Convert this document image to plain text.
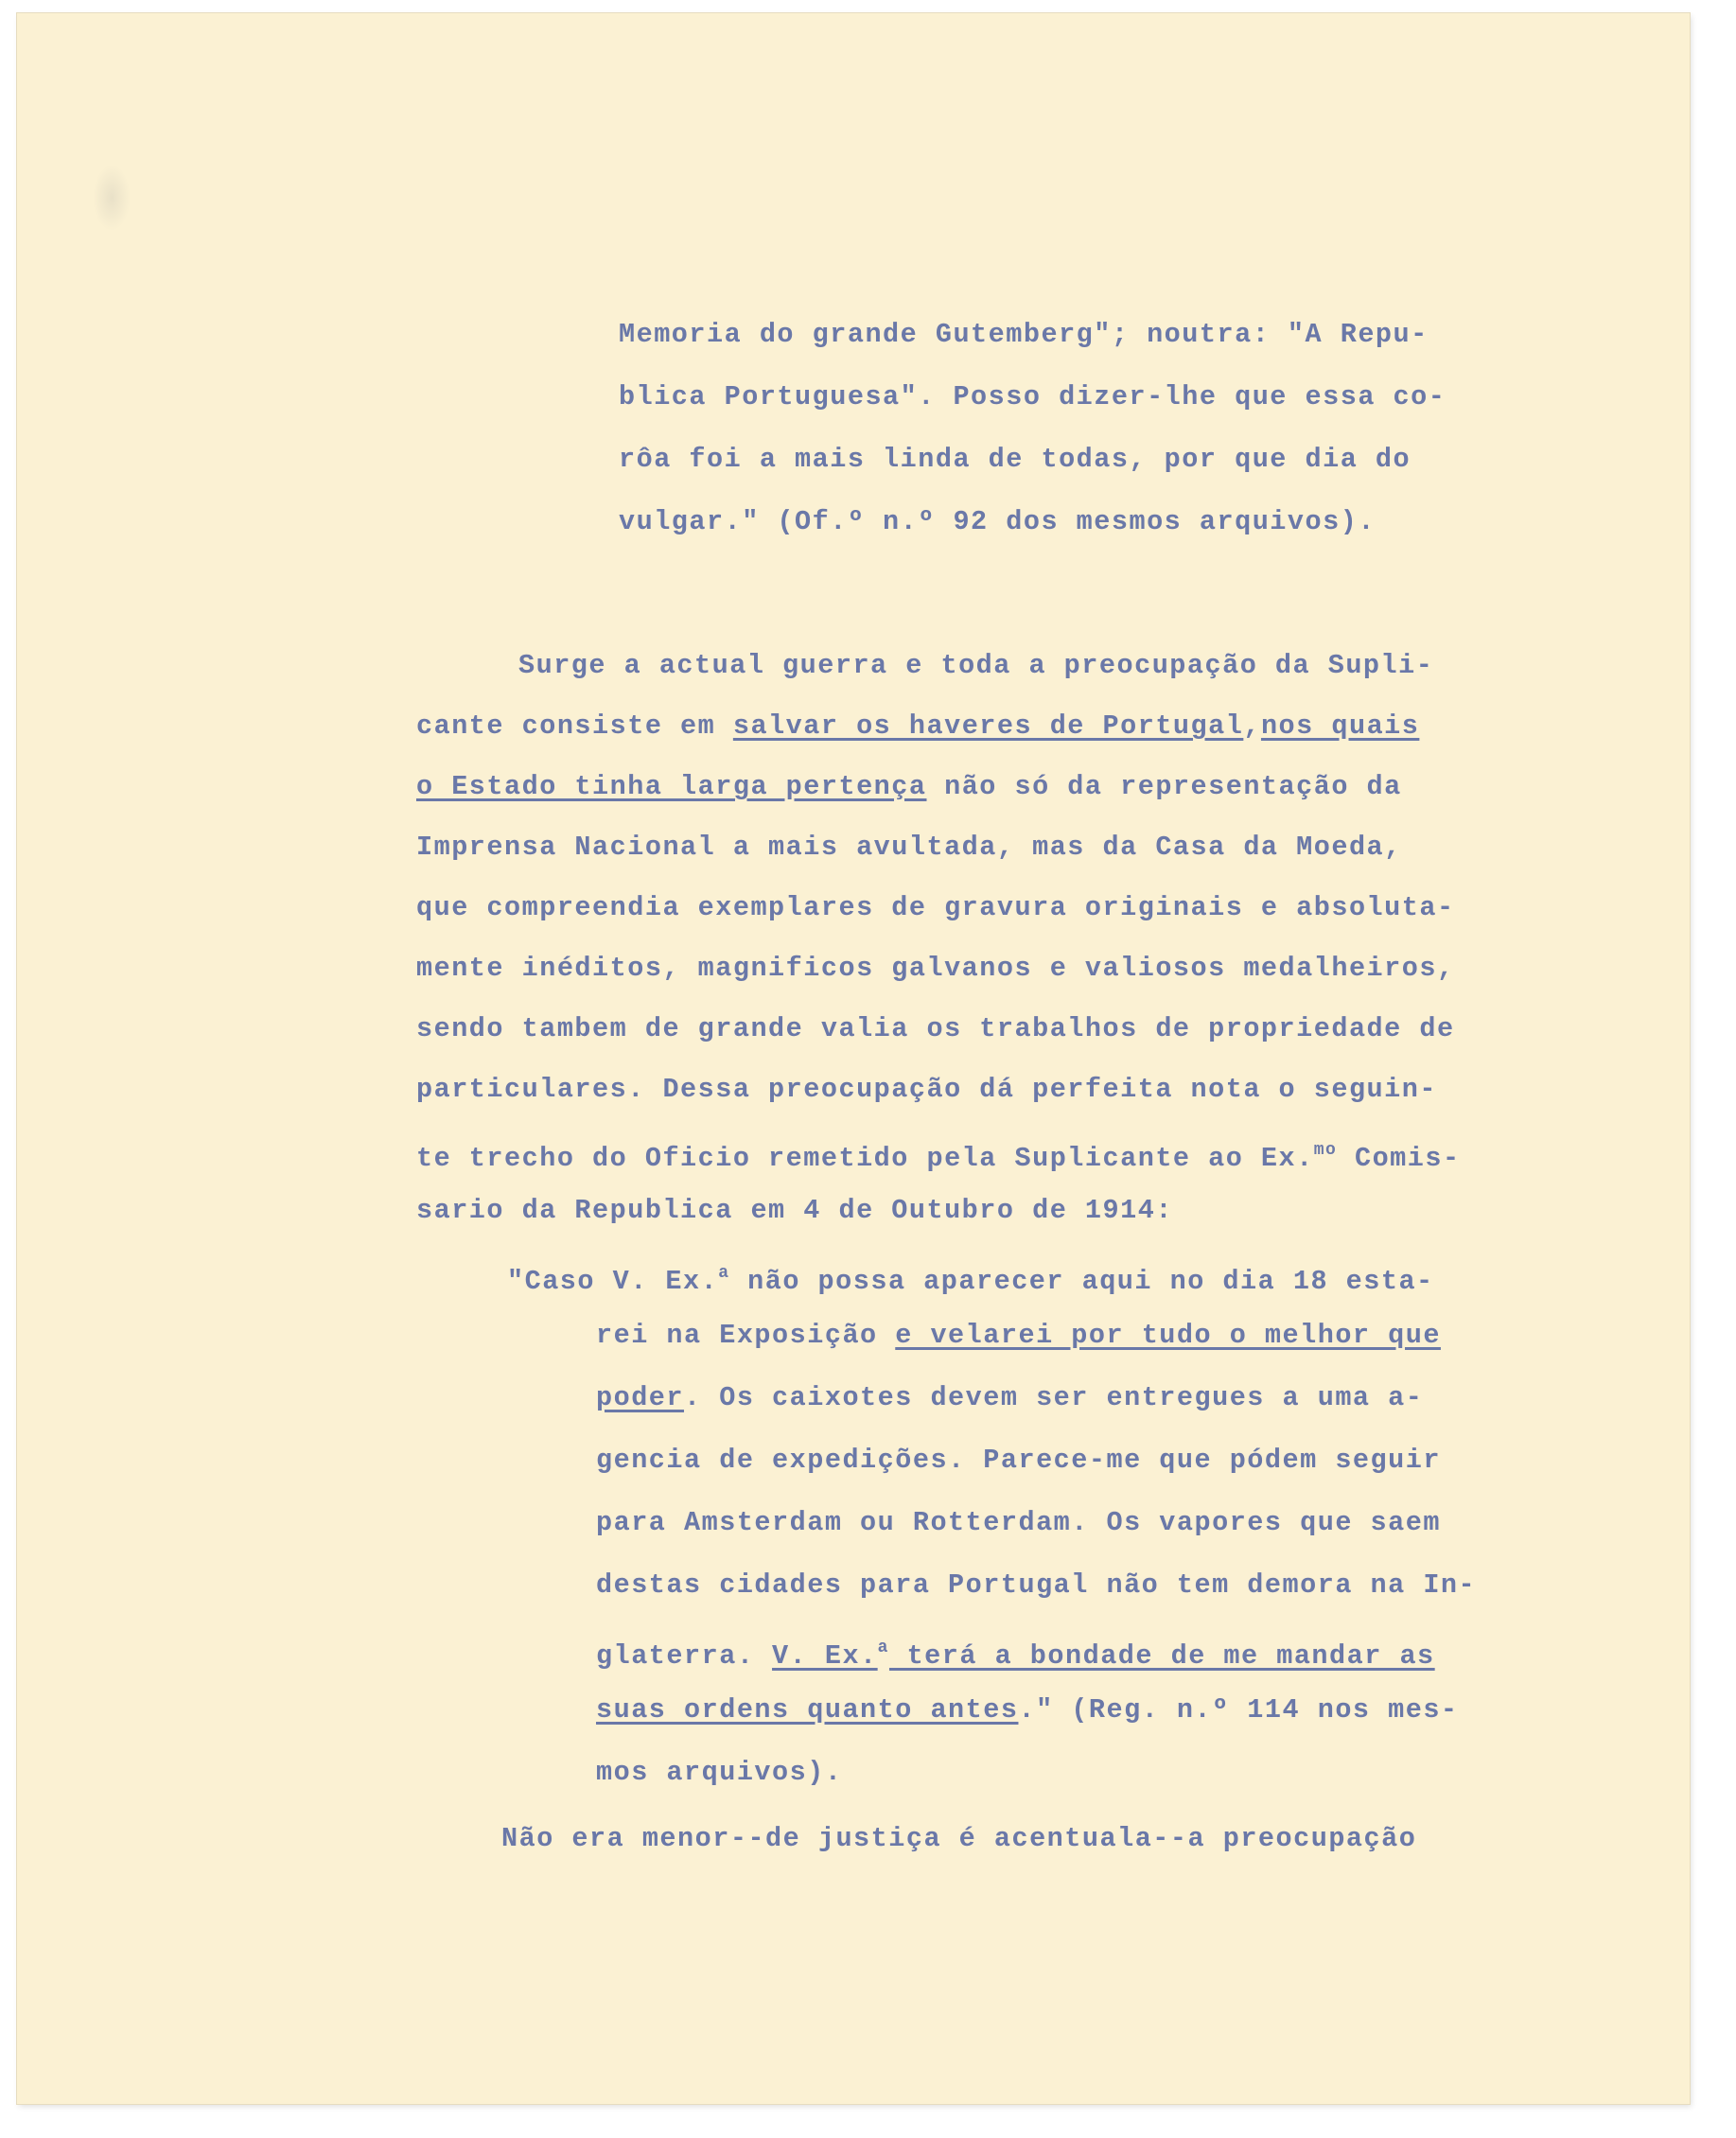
Memoria do grande Gutemberg"; noutra: "A Repu-

blica Portuguesa". Posso dizer-lhe que essa co-

rôa foi a mais linda de todas, por que dia do

vulgar." (Of.º n.º 92 dos mesmos arquivos).

Surge a actual guerra e toda a preocupação da Supli-

cante consiste em salvar os haveres de Portugal,nos quais

o Estado tinha larga pertença não só da representação da

Imprensa Nacional a mais avultada, mas da Casa da Moeda,

que compreendia exemplares de gravura originais e absoluta-

mente inéditos, magnificos galvanos e valiosos medalheiros,

sendo tambem de grande valia os trabalhos de propriedade de

particulares. Dessa preocupação dá perfeita nota o seguin-

te trecho do Oficio remetido pela Suplicante ao Ex.$^{mo}$ Comis-

sario da Republica em 4 de Outubro de 1914:

"Caso V. Ex.$^a$ não possa aparecer aqui no dia 18 esta-

rei na Exposição e velarei por tudo o melhor que

poder. Os caixotes devem ser entregues a uma a-

gencia de expedições. Parece-me que pódem seguir

para Amsterdam ou Rotterdam. Os vapores que saem

destas cidades para Portugal não tem demora na In-

glaterra. V. Ex.$^a$ terá a bondade de me mandar as

suas ordens quanto antes." (Reg. n.º 114 nos mes-

mos arquivos).

Não era menor--de justiça é acentuala--a preocupação
